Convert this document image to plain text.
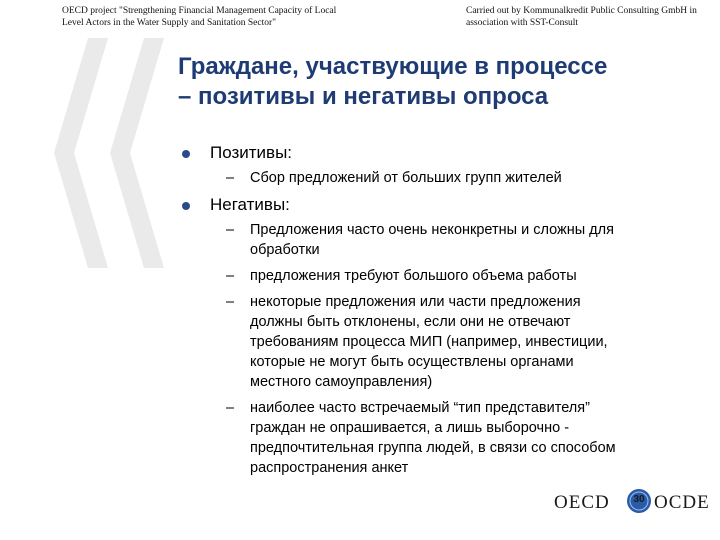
OECD project "Strengthening Financial Management Capacity of Local
Level Actors in the Water Supply and Sanitation Sector"
Carried out by Kommunalkredit Public Consulting GmbH in
association with SST-Consult
Граждане, участвующие в процессе
– позитивы и негативы опроса
Позитивы:
– Сбор предложений от больших групп жителей
Негативы:
– Предложения часто очень неконкретны и сложны для
обработки
– предложения требуют большого объема работы
– некоторые предложения или части предложения
должны быть отклонены, если они не отвечают
требованиям процесса МИП (например, инвестиции,
которые не могут быть осуществлены органами
местного самоуправления)
– наиболее часто встречаемый “тип представителя”
граждан не опрашивается, а лишь выборочно -
предпочтительная группа людей, в связи со способом
распространения анкет
OECD	30 OCDE
